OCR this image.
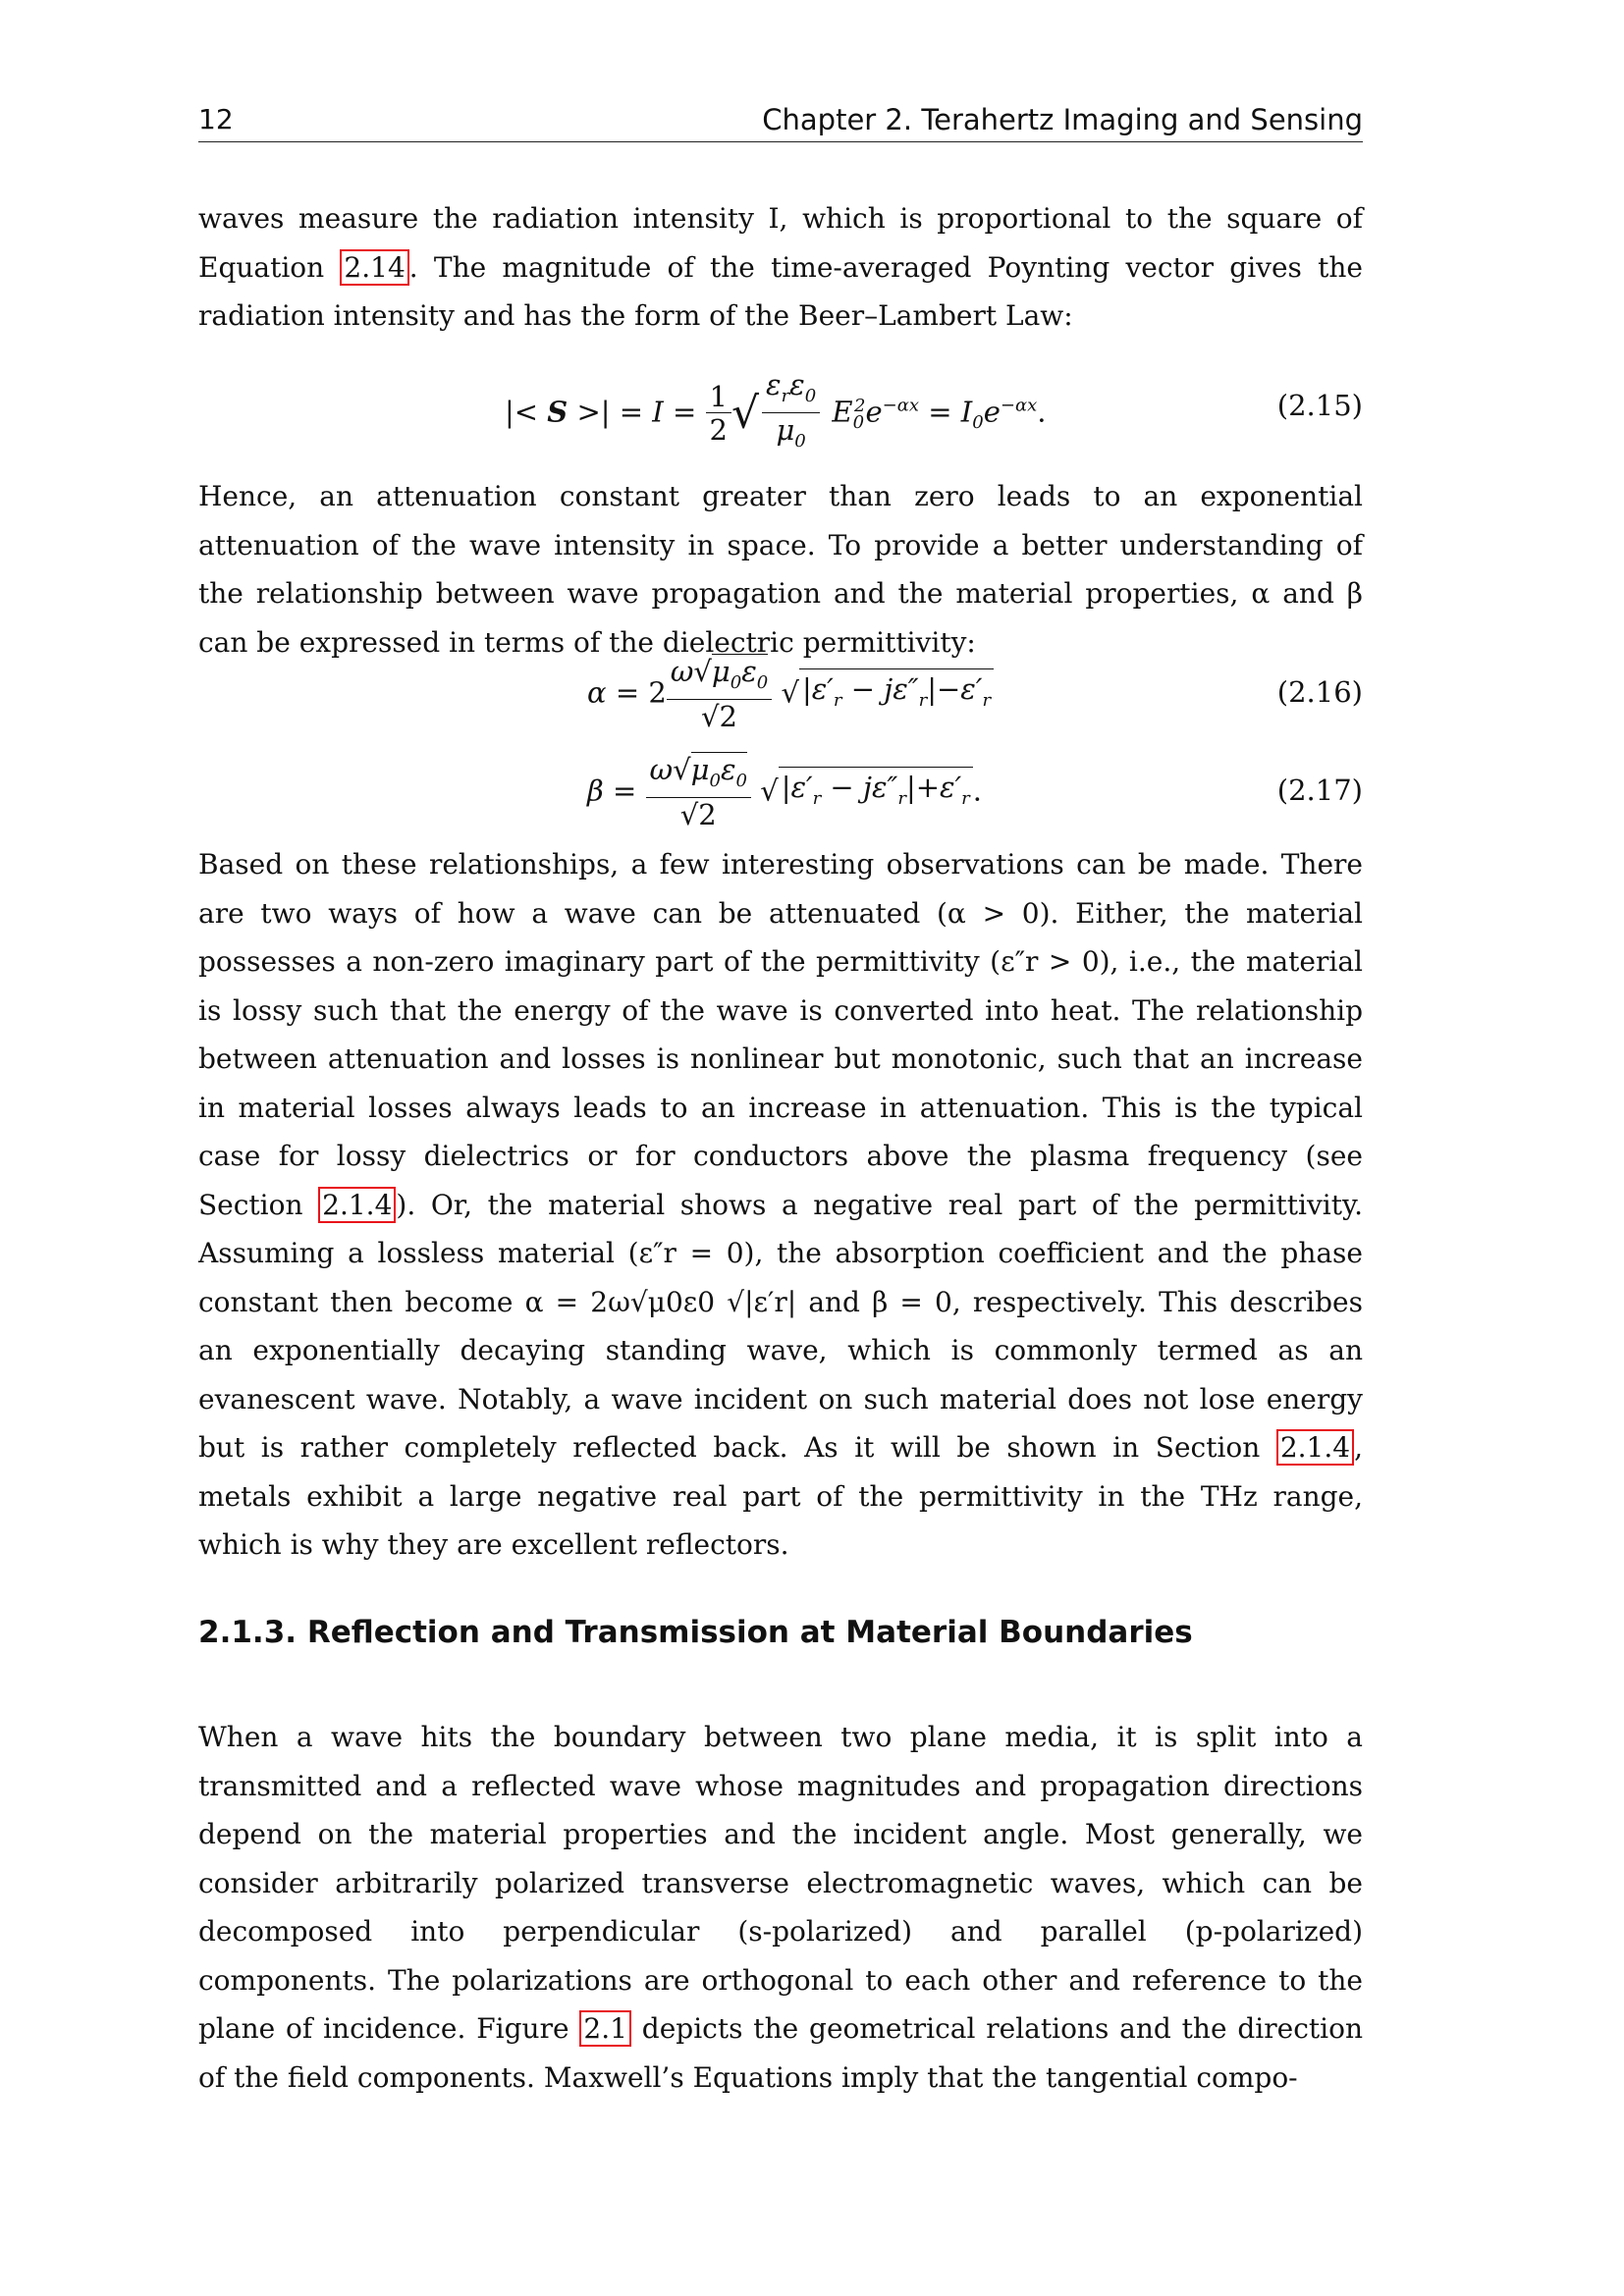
12	Chapter 2. Terahertz Imaging and Sensing
waves measure the radiation intensity I, which is proportional to the square of Equation 2.14 . The magnitude of the time-averaged Poynting vector gives the radiation intensity and has the form of the Beer–Lambert Law:
|< S >| = $I = \frac{1}{2}$ √ $\frac{\varepsilon_r\varepsilon_0}{\mu_0} E_0^2e^{-\alpha x} = I_0e^{-\alpha x}$.	(2.15)
Hence, an attenuation constant greater than zero leads to an exponential attenuation of the wave intensity in space. To provide a better understanding of the relationship between wave propagation and the material properties, α and β can be expressed in terms of the dielectric permittivity:
$\alpha = 2 \frac{\omega√\mu_0\varepsilon_0}{√2}$ √ $|\varepsilon'_r - j\varepsilon''_r|-\varepsilon'_r$	(2.16)
$\beta = \frac{\omega√\mu_0\varepsilon_0}{√2}$ √ $|\varepsilon'_r - j\varepsilon''_r|+\varepsilon'_r$ .	(2.17)
Based on these relationships, a few interesting observations can be made. There are two ways of how a wave can be attenuated (α > 0). Either, the material possesses a non-zero imaginary part of the permittivity (ε″r > 0), i.e., the material is lossy such that the energy of the wave is converted into heat. The relationship between attenuation and losses is nonlinear but monotonic, such that an increase in material losses always leads to an increase in attenuation. This is the typical case for lossy dielectrics or for conductors above the plasma frequency (see Section 2.1.4 ). Or, the material shows a negative real part of the permittivity. Assuming a lossless material (ε″r = 0), the absorption coefficient and the phase constant then become α = 2ω√μ0ε0 √|ε′r| and β = 0, respectively. This describes an exponentially decaying standing wave, which is commonly termed as an evanescent wave. Notably, a wave incident on such material does not lose energy but is rather completely reflected back. As it will be shown in Section 2.1.4 , metals exhibit a large negative real part of the permittivity in the THz range, which is why they are excellent reflectors.
2.1.3. Reflection and Transmission at Material Boundaries
When a wave hits the boundary between two plane media, it is split into a transmitted and a reflected wave whose magnitudes and propagation directions depend on the material properties and the incident angle. Most generally, we consider arbitrarily polarized transverse electromagnetic waves, which can be decomposed into perpendicular (s-polarized) and parallel (p-polarized) components. The polarizations are orthogonal to each other and reference to the plane of incidence. Figure 2.1 depicts the geometrical relations and the direction of the field components. Maxwell’s Equations imply that the tangential compo-
